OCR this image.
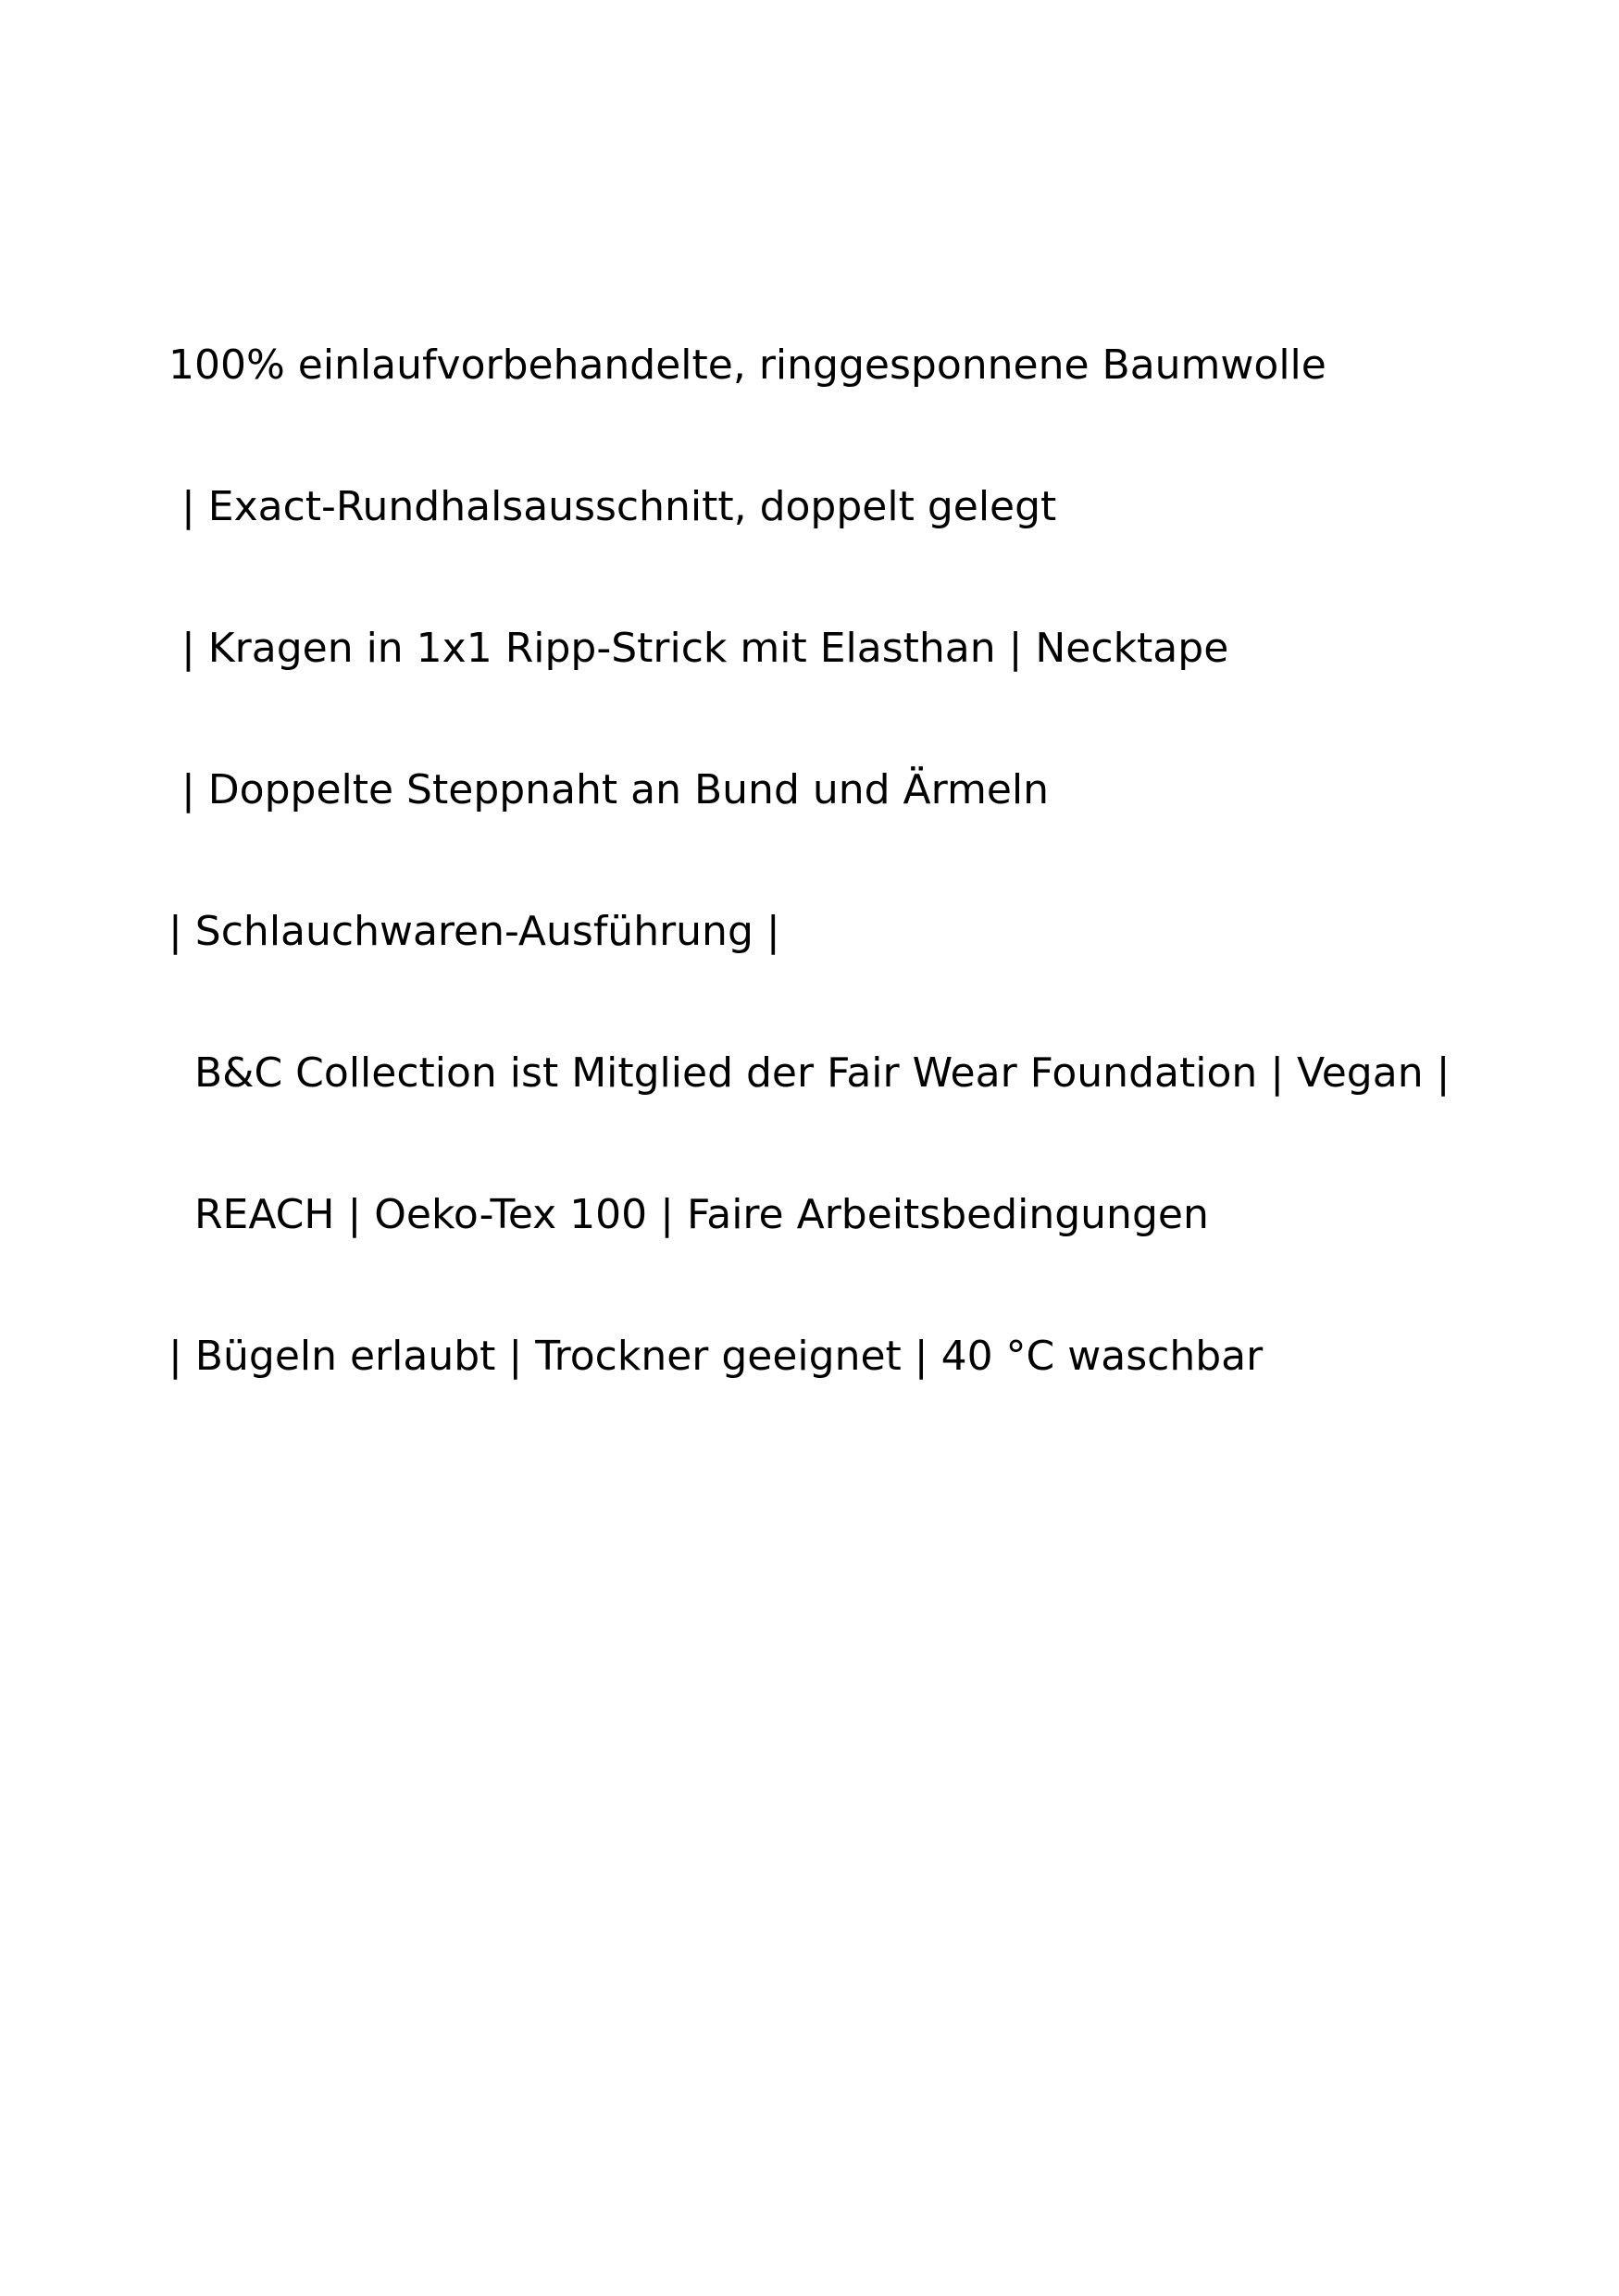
100% einlaufvorbehandelte, ringgesponnene Baumwolle

| Exact-Rundhalsausschnitt, doppelt gelegt

| Kragen in 1x1 Ripp-Strick mit Elasthan | Necktape

| Doppelte Steppnaht an Bund und Ärmeln

| Schlauchwaren-Ausführung |

B&C Collection ist Mitglied der Fair Wear Foundation | Vegan |

REACH | Oeko-Tex 100 | Faire Arbeitsbedingungen

| Bügeln erlaubt | Trockner geeignet | 40 °C waschbar
